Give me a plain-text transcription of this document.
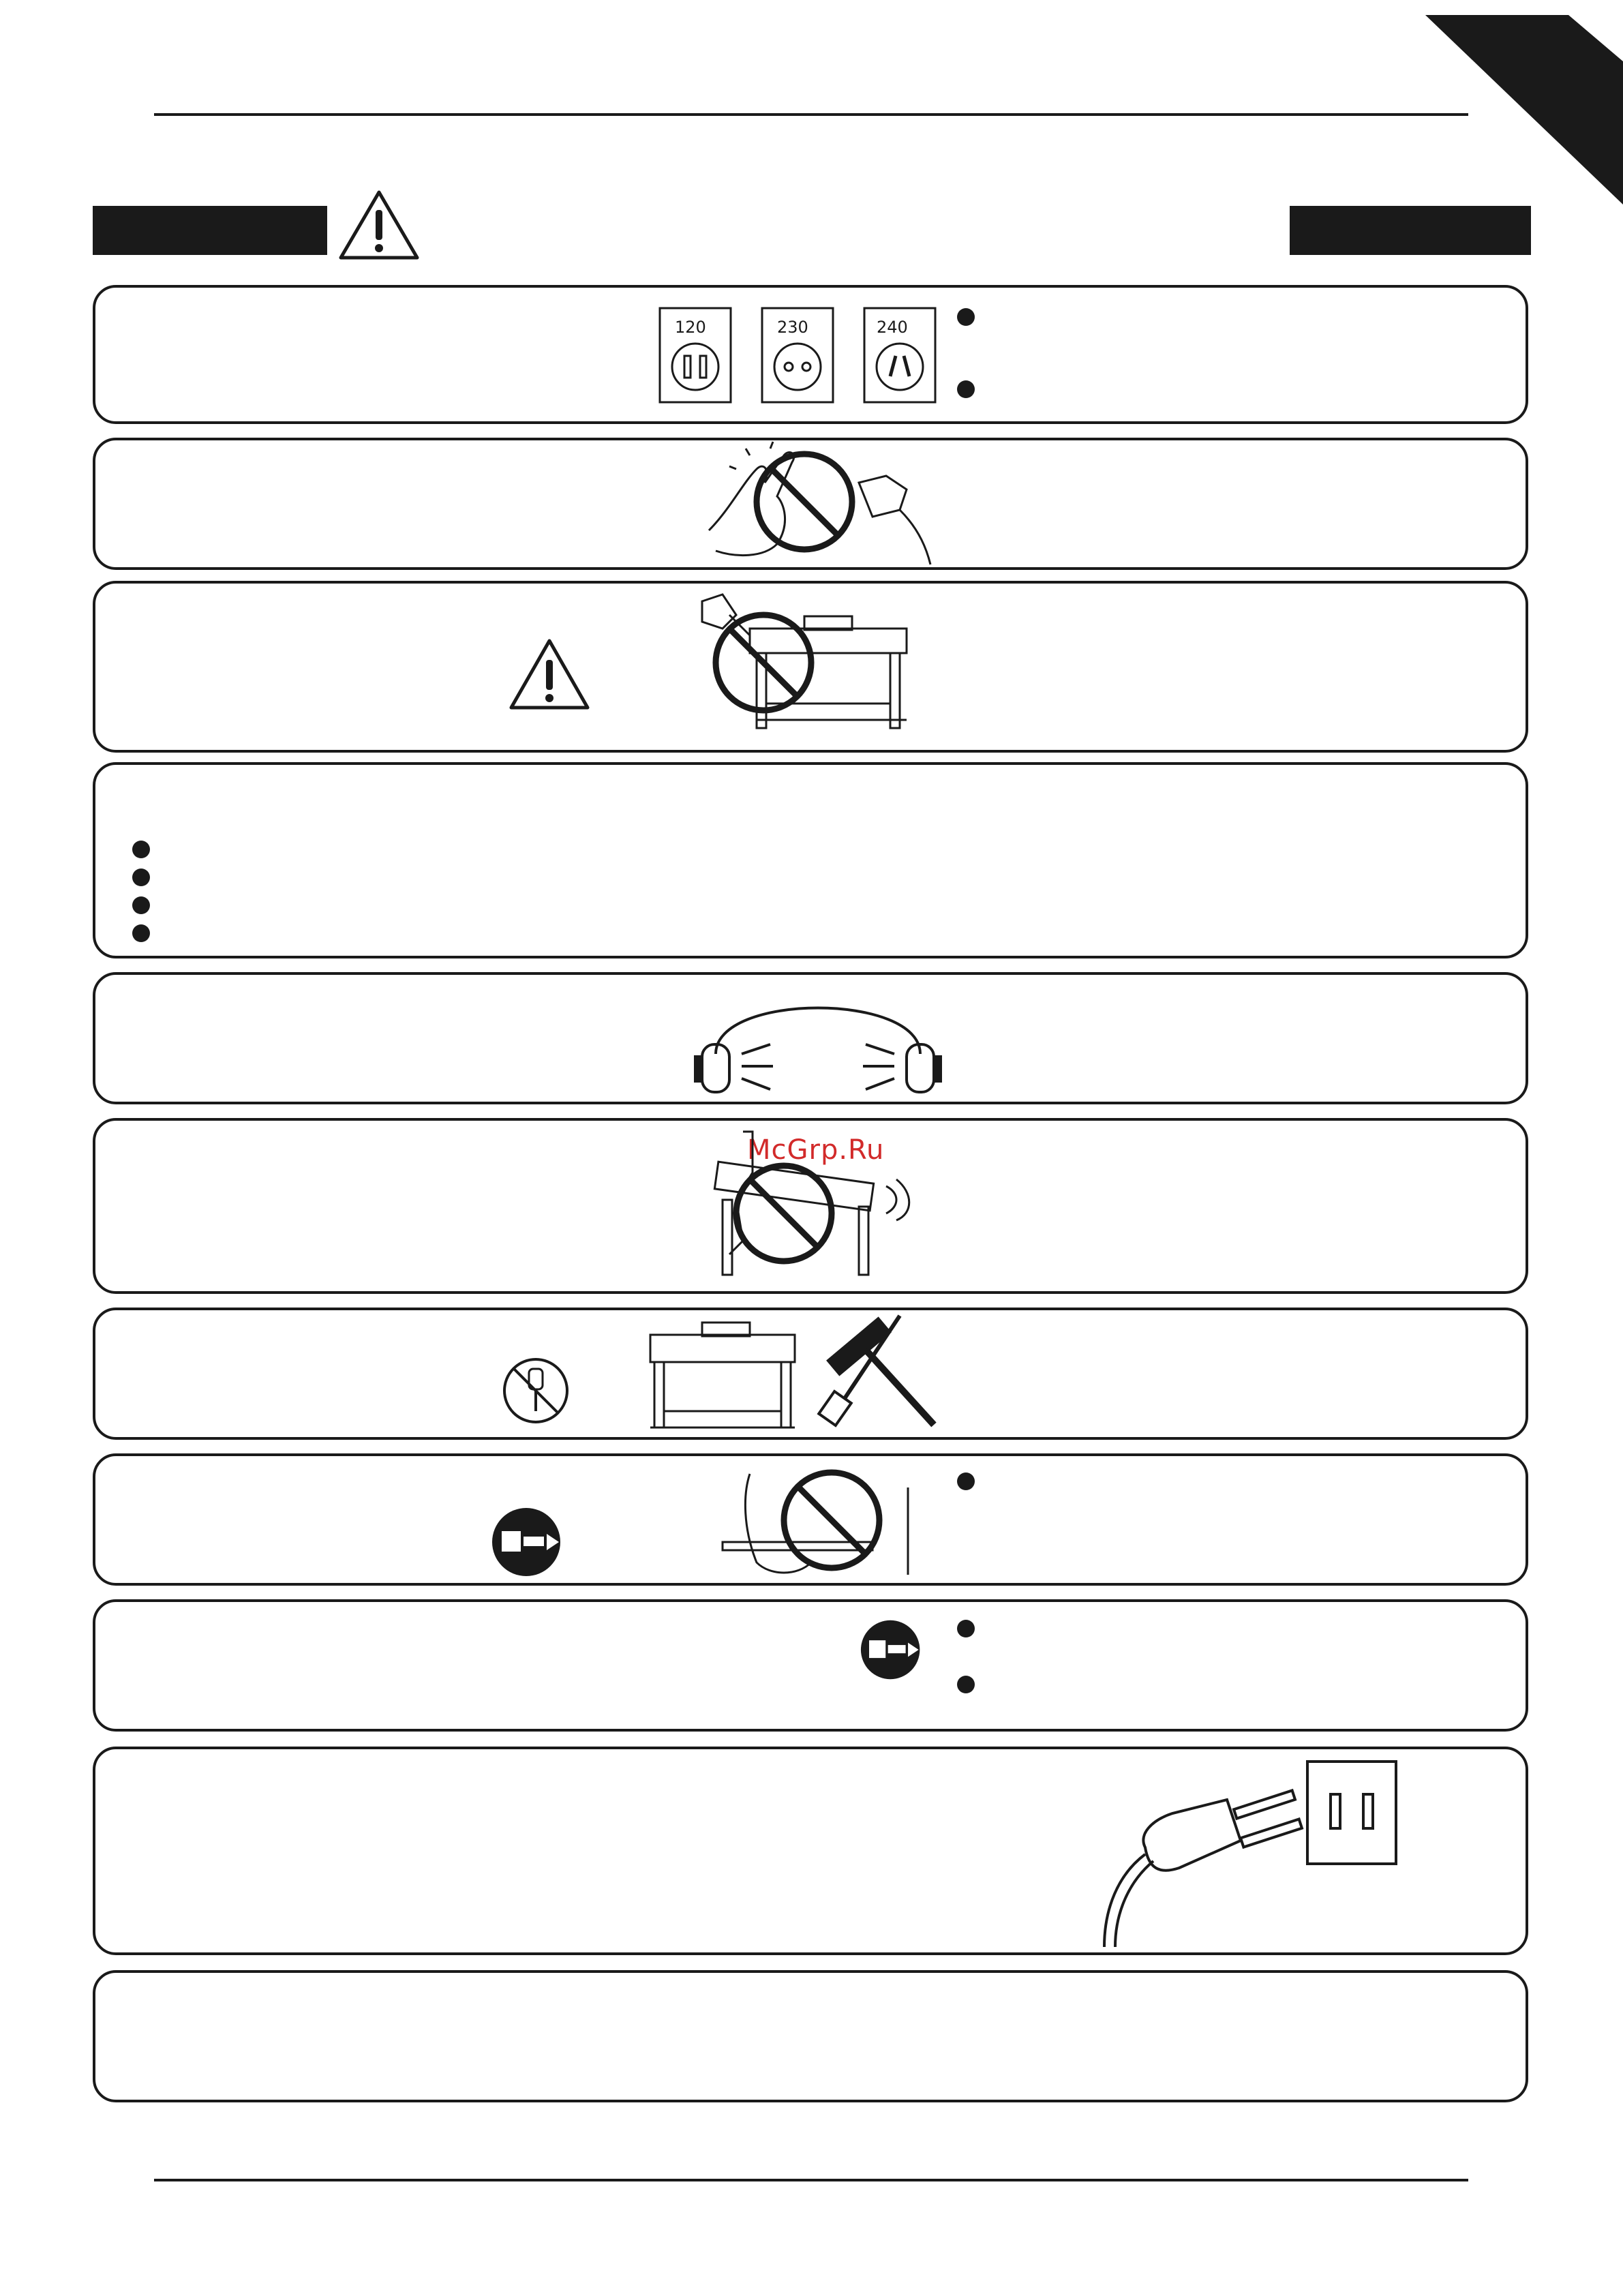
120	230	240
McGrp.Ru
